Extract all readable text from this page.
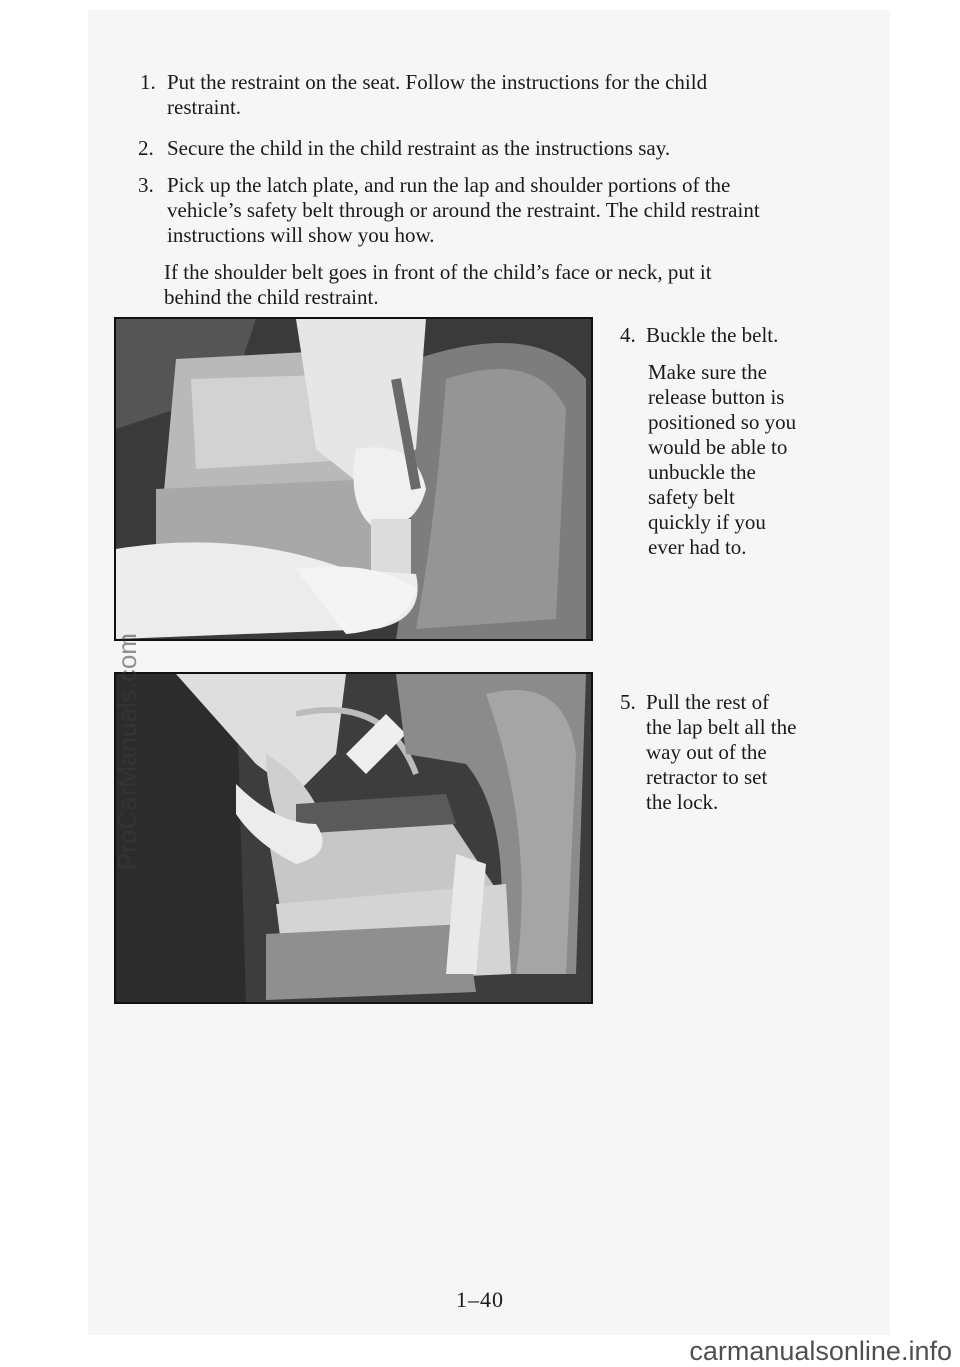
1. Put the restraint on the seat. Follow the instructions for the child
restraint.
2. Secure the child in the child restraint as the instructions say.
3. Pick up the latch plate, and run the lap and shoulder portions of the
vehicle’s safety belt through or around the restraint. The child restraint
instructions will show you how.
If the shoulder belt goes in front of the child’s face or neck, put it
behind the child restraint.
4. Buckle the belt.
Make sure the
release button is
positioned so you
would be able to
unbuckle the
safety belt
quickly if you
ever had to.
5. Pull the rest of
the lap belt all the
way out of the
retractor to set
the lock.
1–40
ProCarManuals.com
carmanualsonline.info
